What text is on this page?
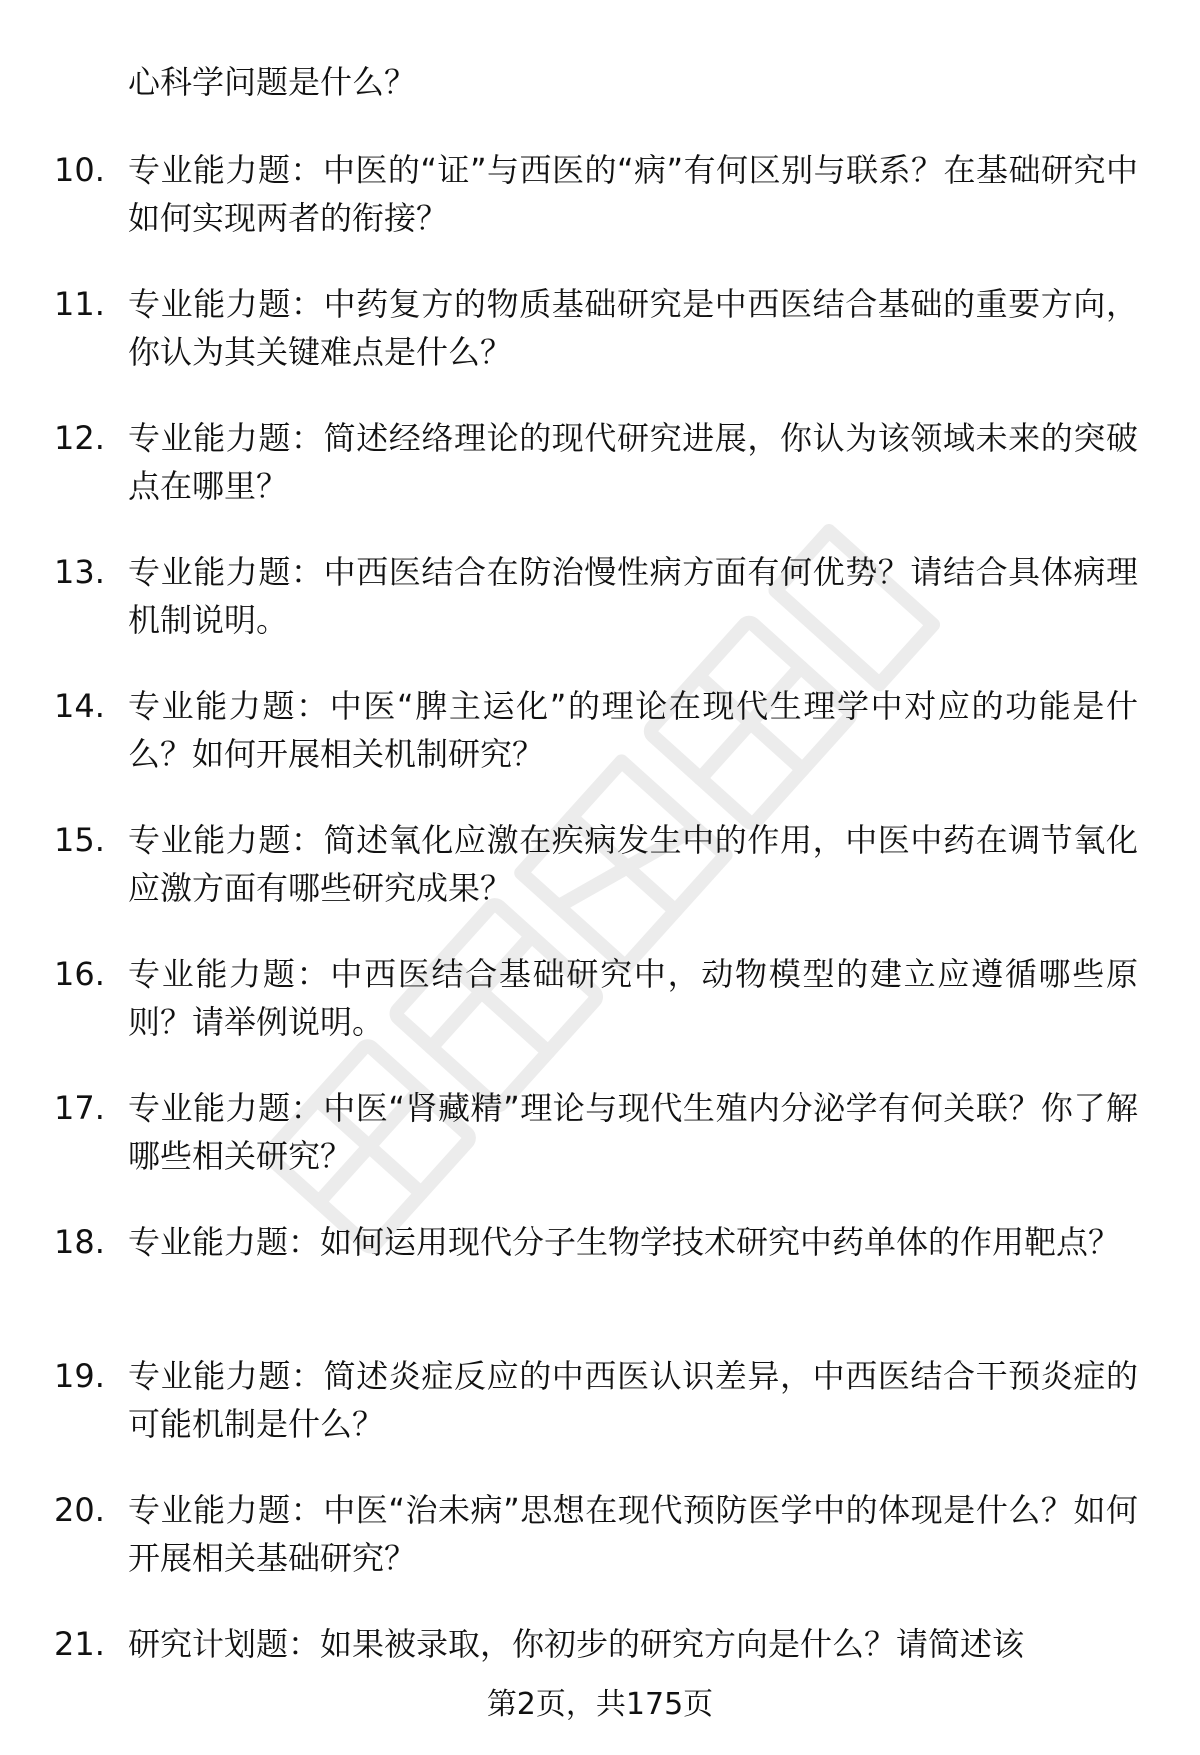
心科学问题是什么？
10. 专业能力题：中医的“证”与西医的“病”有何区别与联系？在基础研究中如何实现两者的衔接？
11. 专业能力题：中药复方的物质基础研究是中西医结合基础的重要方向，你认为其关键难点是什么？
12. 专业能力题：简述经络理论的现代研究进展，你认为该领域未来的突破点在哪里？
13. 专业能力题：中西医结合在防治慢性病方面有何优势？请结合具体病理机制说明。
14. 专业能力题：中医“脾主运化”的理论在现代生理学中对应的功能是什么？如何开展相关机制研究？
15. 专业能力题：简述氧化应激在疾病发生中的作用，中医中药在调节氧化应激方面有哪些研究成果？
16. 专业能力题：中西医结合基础研究中，动物模型的建立应遵循哪些原则？请举例说明。
17. 专业能力题：中医“肾藏精”理论与现代生殖内分泌学有何关联？你了解哪些相关研究？
18. 专业能力题：如何运用现代分子生物学技术研究中药单体的作用靶点？
19. 专业能力题：简述炎症反应的中西医认识差异，中西医结合干预炎症的可能机制是什么？
20. 专业能力题：中医“治未病”思想在现代预防医学中的体现是什么？如何开展相关基础研究？
21. 研究计划题：如果被录取，你初步的研究方向是什么？请简述该
第2页，共175页
